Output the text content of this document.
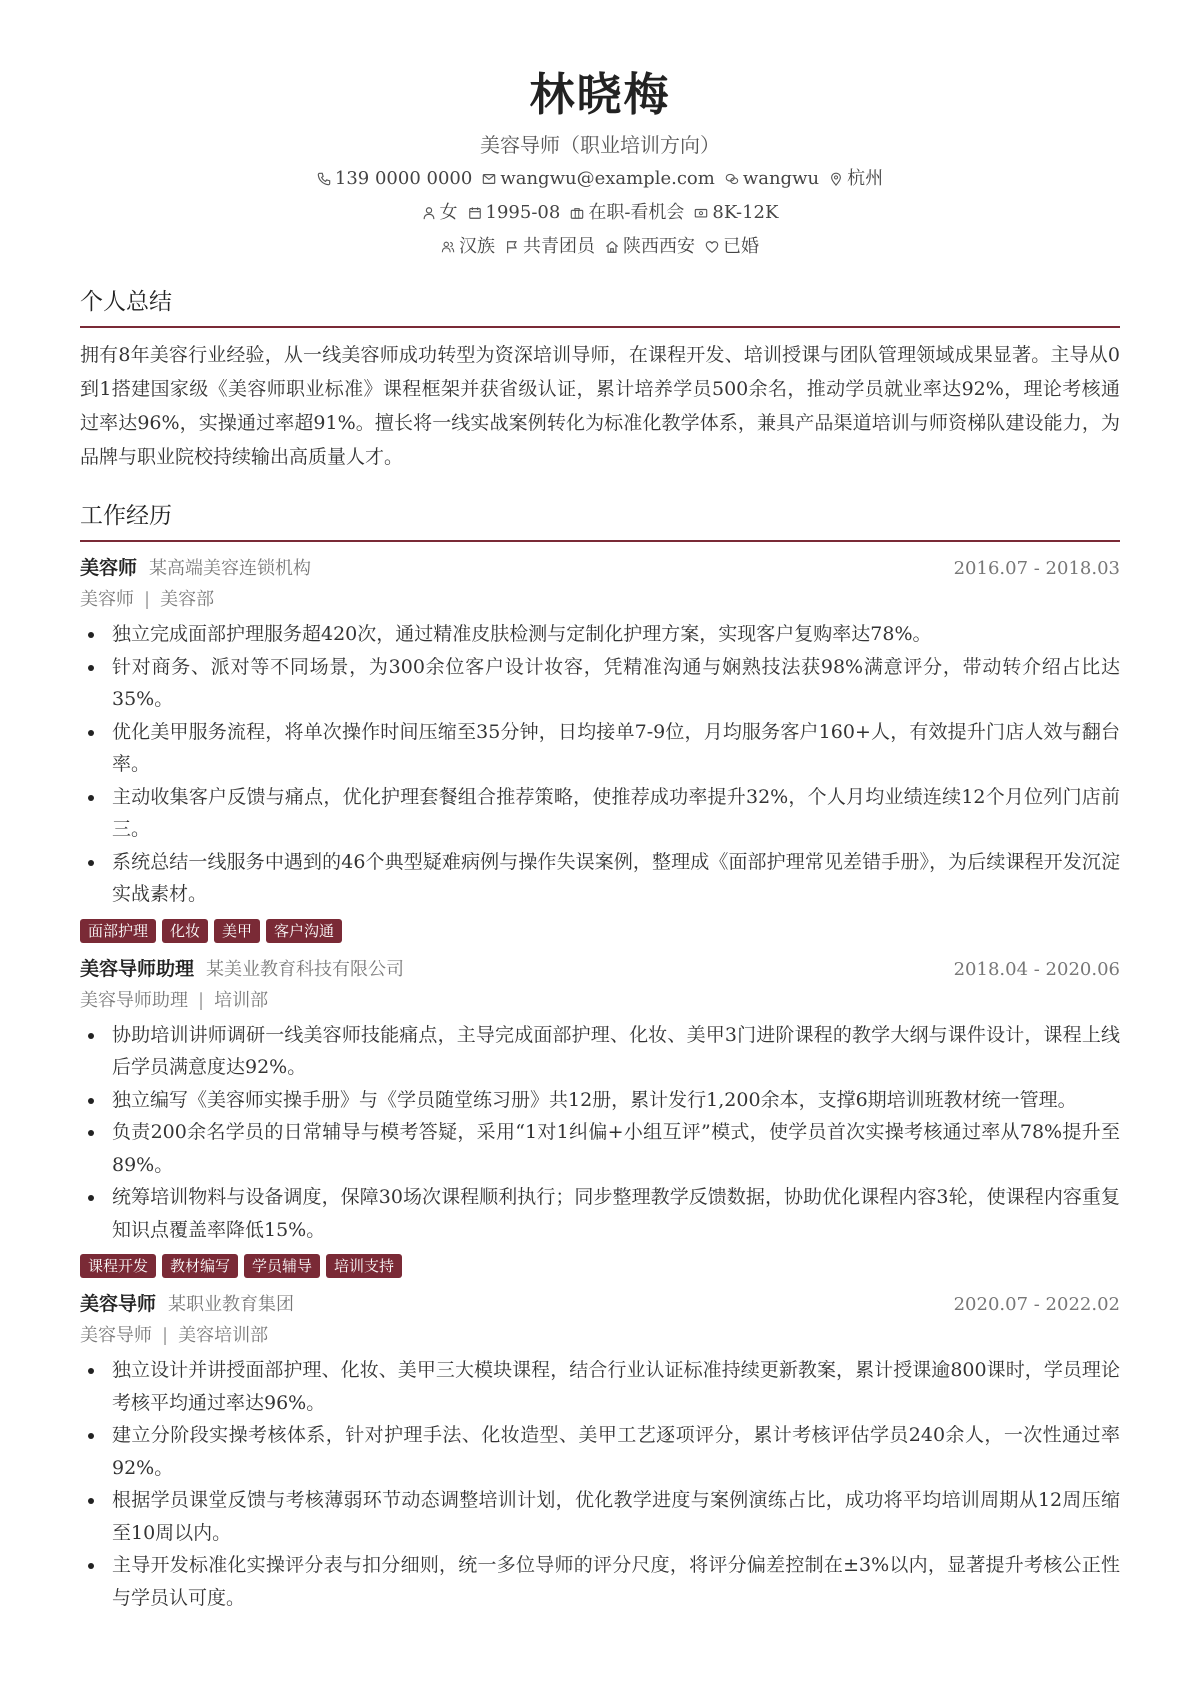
林晓梅
美容导师（职业培训方向）
139 0000 0000 wangwu@example.com wangwu 杭州
女 1995-08 在职-看机会 8K-12K
汉族 共青团员 陕西西安 已婚
个人总结
拥有8年美容行业经验，从一线美容师成功转型为资深培训导师，在课程开发、培训授课与团队管理领域成果显著。主导从0到1搭建国家级《美容师职业标准》课程框架并获省级认证，累计培养学员500余名，推动学员就业率达92%，理论考核通过率达96%，实操通过率超91%。擅长将一线实战案例转化为标准化教学体系，兼具产品渠道培训与师资梯队建设能力，为品牌与职业院校持续输出高质量人才。
工作经历
美容师 某高端美容连锁机构	2016.07 - 2018.03
美容师 | 美容部
独立完成面部护理服务超420次，通过精准皮肤检测与定制化护理方案，实现客户复购率达78%。
针对商务、派对等不同场景，为300余位客户设计妆容，凭精准沟通与娴熟技法获98%满意评分，带动转介绍占比达35%。
优化美甲服务流程，将单次操作时间压缩至35分钟，日均接单7-9位，月均服务客户160+人，有效提升门店人效与翻台率。
主动收集客户反馈与痛点，优化护理套餐组合推荐策略，使推荐成功率提升32%，个人月均业绩连续12个月位列门店前三。
系统总结一线服务中遇到的46个典型疑难病例与操作失误案例，整理成《面部护理常见差错手册》，为后续课程开发沉淀实战素材。
面部护理	化妆	美甲	客户沟通
美容导师助理 某美业教育科技有限公司	2018.04 - 2020.06
美容导师助理 | 培训部
协助培训讲师调研一线美容师技能痛点，主导完成面部护理、化妆、美甲3门进阶课程的教学大纲与课件设计，课程上线后学员满意度达92%。
独立编写《美容师实操手册》与《学员随堂练习册》共12册，累计发行1,200余本，支撑6期培训班教材统一管理。
负责200余名学员的日常辅导与模考答疑，采用“1对1纠偏+小组互评”模式，使学员首次实操考核通过率从78%提升至89%。
统筹培训物料与设备调度，保障30场次课程顺利执行；同步整理教学反馈数据，协助优化课程内容3轮，使课程内容重复知识点覆盖率降低15%。
课程开发	教材编写	学员辅导	培训支持
美容导师 某职业教育集团	2020.07 - 2022.02
美容导师 | 美容培训部
独立设计并讲授面部护理、化妆、美甲三大模块课程，结合行业认证标准持续更新教案，累计授课逾800课时，学员理论考核平均通过率达96%。
建立分阶段实操考核体系，针对护理手法、化妆造型、美甲工艺逐项评分，累计考核评估学员240余人，一次性通过率92%。
根据学员课堂反馈与考核薄弱环节动态调整培训计划，优化教学进度与案例演练占比，成功将平均培训周期从12周压缩至10周以内。
主导开发标准化实操评分表与扣分细则，统一多位导师的评分尺度，将评分偏差控制在±3%以内，显著提升考核公正性与学员认可度。
